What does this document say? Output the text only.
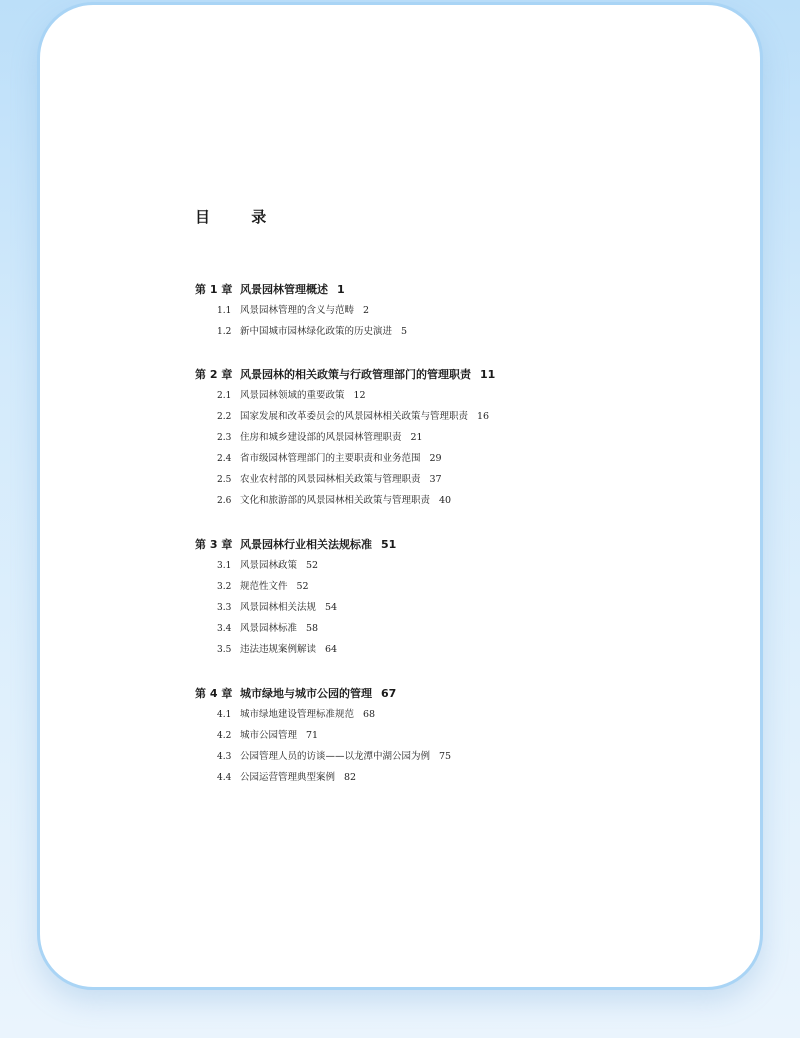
目 录
第 1 章 风景园林管理概述 1
1.1 风景园林管理的含义与范畴 2
1.2 新中国城市园林绿化政策的历史演进 5
第 2 章 风景园林的相关政策与行政管理部门的管理职责 11
2.1 风景园林领域的重要政策 12
2.2 国家发展和改革委员会的风景园林相关政策与管理职责 16
2.3 住房和城乡建设部的风景园林管理职责 21
2.4 省市级园林管理部门的主要职责和业务范围 29
2.5 农业农村部的风景园林相关政策与管理职责 37
2.6 文化和旅游部的风景园林相关政策与管理职责 40
第 3 章 风景园林行业相关法规标准 51
3.1 风景园林政策 52
3.2 规范性文件 52
3.3 风景园林相关法规 54
3.4 风景园林标准 58
3.5 违法违规案例解读 64
第 4 章 城市绿地与城市公园的管理 67
4.1 城市绿地建设管理标准规范 68
4.2 城市公园管理 71
4.3 公园管理人员的访谈——以龙潭中湖公园为例 75
4.4 公园运营管理典型案例 82
